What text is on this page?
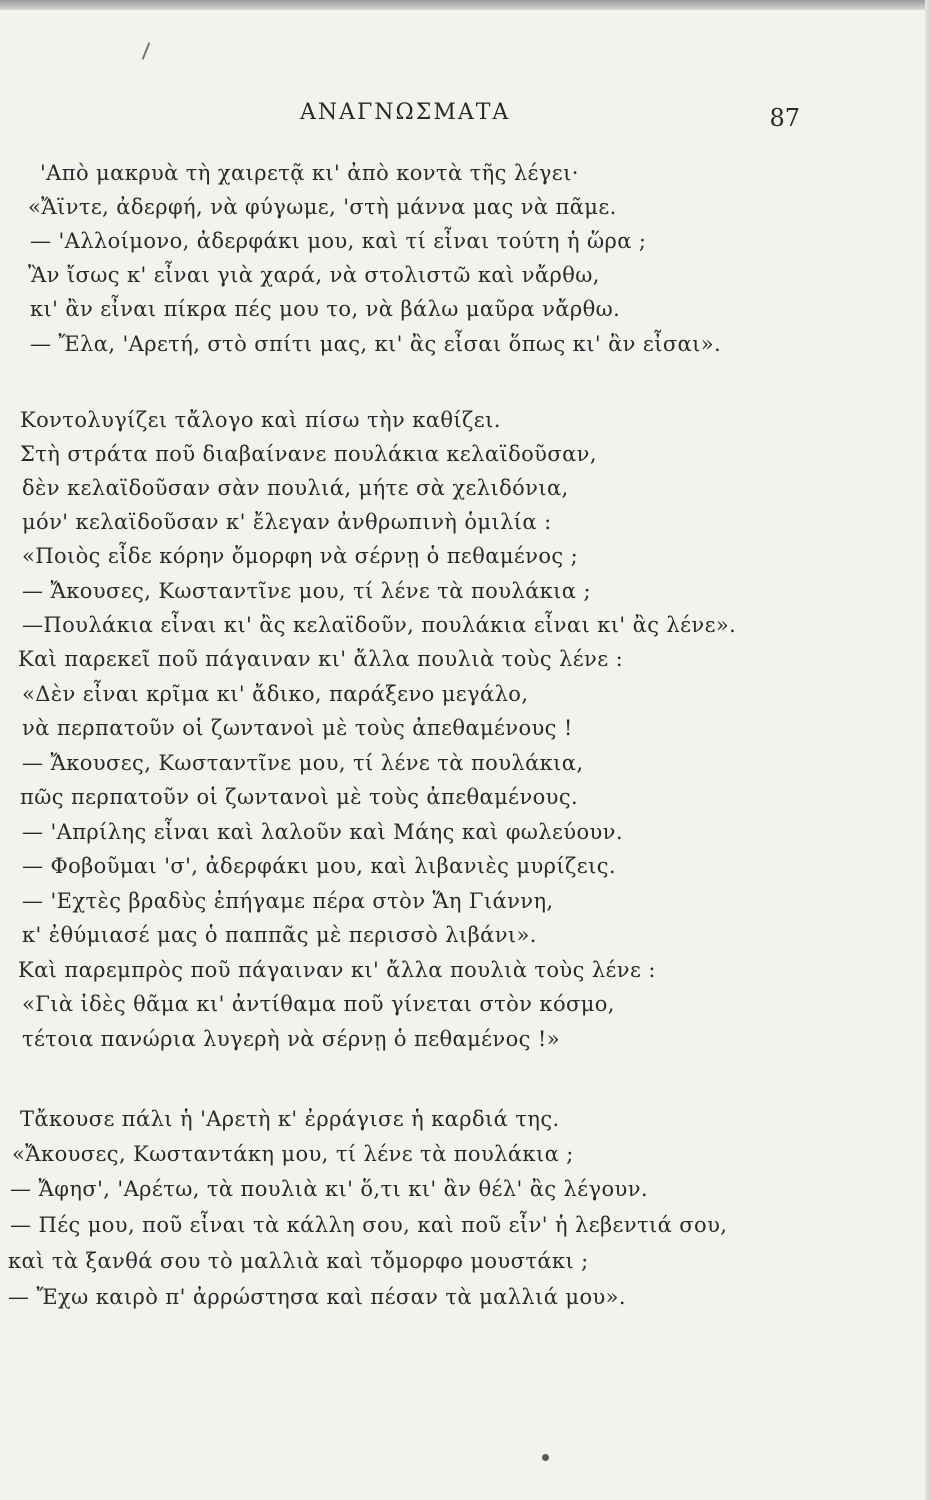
ΑΝΑΓΝΩΣΜΑΤΑ	87
'Απὸ μακρυὰ τὴ χαιρετᾷ κι' ἀπὸ κοντὰ τῆς λέγει·
«Ἄϊντε, ἀδερφή, νὰ φύγωμε, 'στὴ μάννα μας νὰ πᾶμε.
— 'Αλλοίμονο, ἀδερφάκι μου, καὶ τί εἶναι τούτη ἡ ὥρα ;
Ἂν ἴσως κ' εἶναι γιὰ χαρά, νὰ στολιστῶ καὶ νἄρθω,
κι' ἂν εἶναι πίκρα πές μου το, νὰ βάλω μαῦρα νἄρθω.
— Ἔλα, 'Αρετή, στὸ σπίτι μας, κι' ἂς εἶσαι ὅπως κι' ἂν εἶσαι».
Κοντολυγίζει τἄλογο καὶ πίσω τὴν καθίζει.
Στὴ στράτα ποῦ διαβαίνανε πουλάκια κελαϊδοῦσαν,
δὲν κελαϊδοῦσαν σὰν πουλιά, μήτε σὰ χελιδόνια,
μόν' κελαϊδοῦσαν κ' ἔλεγαν ἀνθρωπινὴ ὁμιλία :
«Ποιὸς εἶδε κόρην ὄμορφη νὰ σέρνῃ ὁ πεθαμένος ;
— Ἄκουσες, Κωσταντῖνε μου, τί λένε τὰ πουλάκια ;
—Πουλάκια εἶναι κι' ἂς κελαϊδοῦν, πουλάκια εἶναι κι' ἂς λένε».
Καὶ παρεκεῖ ποῦ πάγαιναν κι' ἄλλα πουλιὰ τοὺς λένε :
«Δὲν εἶναι κρῖμα κι' ἄδικο, παράξενο μεγάλο,
νὰ περπατοῦν οἱ ζωντανοὶ μὲ τοὺς ἀπεθαμένους !
— Ἄκουσες, Κωσταντῖνε μου, τί λένε τὰ πουλάκια,
πῶς περπατοῦν οἱ ζωντανοὶ μὲ τοὺς ἀπεθαμένους.
— 'Απρίλης εἶναι καὶ λαλοῦν καὶ Μάης καὶ φωλεύουν.
— Φοβοῦμαι 'σ', ἀδερφάκι μου, καὶ λιβανιὲς μυρίζεις.
— 'Εχτὲς βραδὺς ἐπήγαμε πέρα στὸν Ἅη Γιάννη,
κ' ἐθύμιασέ μας ὁ παππᾶς μὲ περισσὸ λιβάνι».
Καὶ παρεμπρὸς ποῦ πάγαιναν κι' ἄλλα πουλιὰ τοὺς λένε :
«Γιὰ ἰδὲς θᾶμα κι' ἀντίθαμα ποῦ γίνεται στὸν κόσμο,
τέτοια πανώρια λυγερὴ νὰ σέρνῃ ὁ πεθαμένος !»
Τἄκουσε πάλι ἡ 'Αρετὴ κ' ἐρράγισε ἡ καρδιά της.
«Ἄκουσες, Κωσταντάκη μου, τί λένε τὰ πουλάκια ;
— Ἄφησ', 'Αρέτω, τὰ πουλιὰ κι' ὅ,τι κι' ἂν θέλ' ἂς λέγουν.
— Πές μου, ποῦ εἶναι τὰ κάλλη σου, καὶ ποῦ εἶν' ἡ λεβεντιά σου,
καὶ τὰ ξανθά σου τὸ μαλλιὰ καὶ τὄμορφο μουστάκι ;
— Ἔχω καιρὸ π' ἀρρώστησα καὶ πέσαν τὰ μαλλιά μου».
